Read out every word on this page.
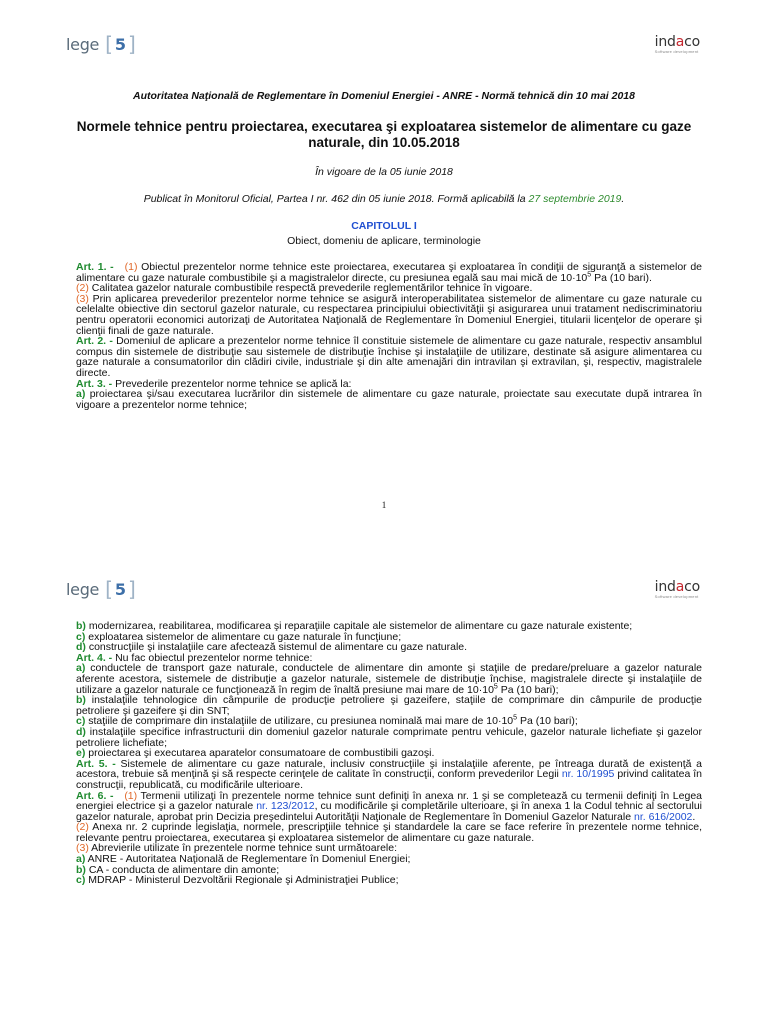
lege [ 5 ]	indaco
Software development
Autoritatea Naţională de Reglementare în Domeniul Energiei - ANRE - Normă tehnică din 10 mai 2018
Normele tehnice pentru proiectarea, executarea şi exploatarea sistemelor de alimentare cu gaze naturale, din 10.05.2018
În vigoare de la 05 iunie 2018
Publicat în Monitorul Oficial, Partea I nr. 462 din 05 iunie 2018. Formă aplicabilă la 27 septembrie 2019.
CAPITOLUL I
Obiect, domeniu de aplicare, terminologie

Art. 1. - (1) Obiectul prezentelor norme tehnice este proiectarea, executarea şi exploatarea în condiţii de siguranţă a sistemelor de alimentare cu gaze naturale combustibile şi a magistralelor directe, cu presiunea egală sau mai mică de $10\cdot 10^5$ Pa (10 bari).

(2) Calitatea gazelor naturale combustibile respectă prevederile reglementărilor tehnice în vigoare.

(3) Prin aplicarea prevederilor prezentelor norme tehnice se asigură interoperabilitatea sistemelor de alimentare cu gaze naturale cu celelalte obiective din sectorul gazelor naturale, cu respectarea principiului obiectivităţii şi asigurarea unui tratament nediscriminatoriu pentru operatorii economici autorizaţi de Autoritatea Naţională de Reglementare în Domeniul Energiei, titularii licenţelor de operare şi clienţii finali de gaze naturale.

Art. 2. - Domeniul de aplicare a prezentelor norme tehnice îl constituie sistemele de alimentare cu gaze naturale, respectiv ansamblul compus din sistemele de distribuţie sau sistemele de distribuţie închise şi instalaţiile de utilizare, destinate să asigure alimentarea cu gaze naturale a consumatorilor din clădiri civile, industriale şi din alte amenajări din intravilan şi extravilan, şi, respectiv, magistralele directe.

Art. 3. - Prevederile prezentelor norme tehnice se aplică la:

a) proiectarea şi/sau executarea lucrărilor din sistemele de alimentare cu gaze naturale, proiectate sau executate după intrarea în vigoare a prezentelor norme tehnice;

1
lege [ 5 ]	indaco
Software development

b) modernizarea, reabilitarea, modificarea şi reparaţiile capitale ale sistemelor de alimentare cu gaze naturale existente;

c) exploatarea sistemelor de alimentare cu gaze naturale în funcţiune;

d) construcţiile şi instalaţiile care afectează sistemul de alimentare cu gaze naturale.

Art. 4. - Nu fac obiectul prezentelor norme tehnice:

a) conductele de transport gaze naturale, conductele de alimentare din amonte şi staţiile de predare/preluare a gazelor naturale aferente acestora, sistemele de distribuţie a gazelor naturale, sistemele de distribuţie închise, magistralele directe şi instalaţiile de utilizare a gazelor naturale ce funcţionează în regim de înaltă presiune mai mare de $10\cdot 10^5$ Pa (10 bari);

b) instalaţiile tehnologice din câmpurile de producţie petroliere şi gazeifere, staţiile de comprimare din câmpurile de producţie petroliere şi gazeifere şi din SNT;

c) staţiile de comprimare din instalaţiile de utilizare, cu presiunea nominală mai mare de $10\cdot 10^5$ Pa (10 bari);

d) instalaţiile specifice infrastructurii din domeniul gazelor naturale comprimate pentru vehicule, gazelor naturale lichefiate şi gazelor petroliere lichefiate;

e) proiectarea şi executarea aparatelor consumatoare de combustibili gazoşi.

Art. 5. - Sistemele de alimentare cu gaze naturale, inclusiv construcţiile şi instalaţiile aferente, pe întreaga durată de existenţă a acestora, trebuie să menţină şi să respecte cerinţele de calitate în construcţii, conform prevederilor Legii nr. 10/1995 privind calitatea în construcţii, republicată, cu modificările ulterioare.

Art. 6. - (1) Termenii utilizaţi în prezentele norme tehnice sunt definiţi în anexa nr. 1 şi se completează cu termenii definiţi în Legea energiei electrice şi a gazelor naturale nr. 123/2012, cu modificările şi completările ulterioare, şi în anexa 1 la Codul tehnic al sectorului gazelor naturale, aprobat prin Decizia preşedintelui Autorităţii Naţionale de Reglementare în Domeniul Gazelor Naturale nr. 616/2002.

(2) Anexa nr. 2 cuprinde legislaţia, normele, prescripţiile tehnice şi standardele la care se face referire în prezentele norme tehnice, relevante pentru proiectarea, executarea şi exploatarea sistemelor de alimentare cu gaze naturale.

(3) Abrevierile utilizate în prezentele norme tehnice sunt următoarele:

a) ANRE - Autoritatea Naţională de Reglementare în Domeniul Energiei;

b) CA - conducta de alimentare din amonte;

c) MDRAP - Ministerul Dezvoltării Regionale şi Administraţiei Publice;
